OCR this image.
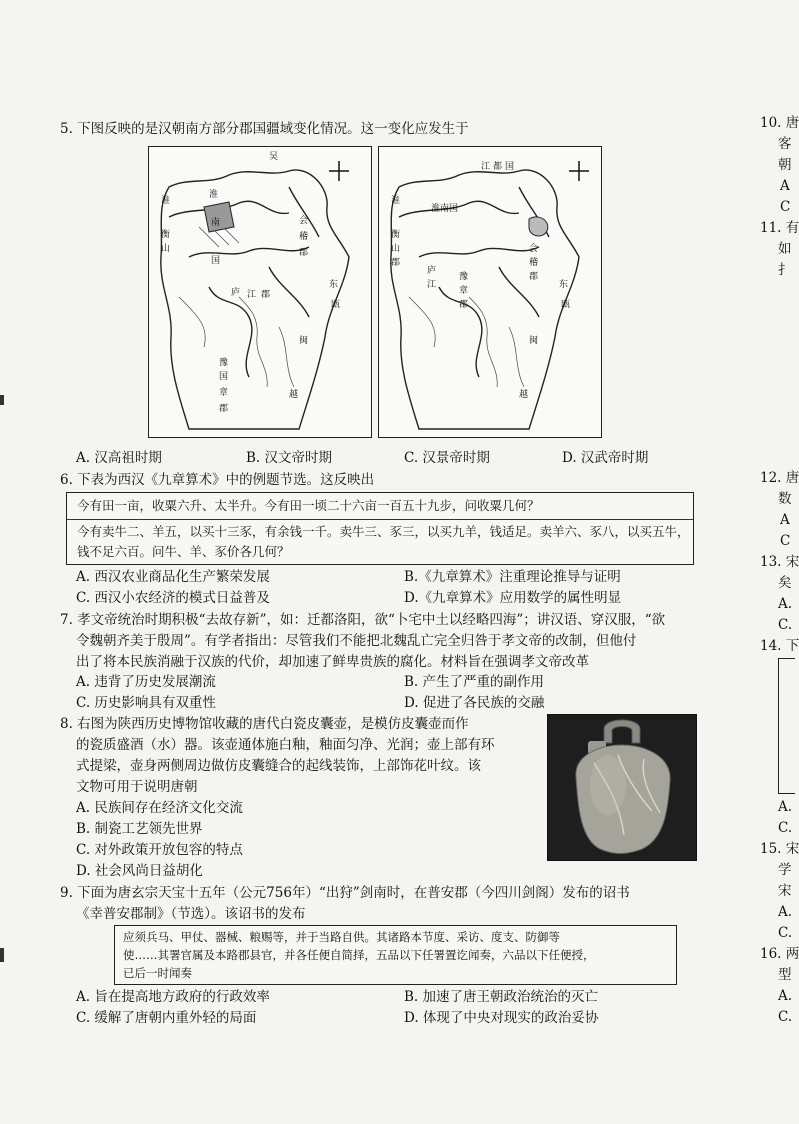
5. 下图反映的是汉朝南方部分郡国疆域变化情况。这一变化应发生于
吴
淮
淮
衡
山
南
国
庐 江 郡
豫
国
章
郡
会
稽
郡
东
瓯
闽
越
江 都 国
淮
淮南国
衡
山
郡
庐
江
豫
章
郡
会
稽
郡
东
瓯
闽
越
A. 汉高祖时期	B. 汉文帝时期	C. 汉景帝时期	D. 汉武帝时期
6. 下表为西汉《九章算术》中的例题节选。这反映出
今有田一亩，收粟六升、太半升。今有田一顷二十六亩一百五十九步，问收粟几何？
今有卖牛二、羊五，以买十三豕，有余钱一千。卖牛三、豕三，以买九羊，钱适足。卖羊六、豕八，以买五牛，
钱不足六百。问牛、羊、豕价各几何？
A. 西汉农业商品化生产繁荣发展	B.《九章算术》注重理论推导与证明
C. 西汉小农经济的模式日益普及	D.《九章算术》应用数学的属性明显
7. 孝文帝统治时期积极“去故存新”，如：迁都洛阳，欲“卜宅中土以经略四海”；讲汉语、穿汉服，“欲
令魏朝齐美于殷周”。有学者指出：尽管我们不能把北魏乱亡完全归咎于孝文帝的改制，但他付
出了将本民族消融于汉族的代价，却加速了鲜卑贵族的腐化。材料旨在强调孝文帝改革
A. 违背了历史发展潮流	B. 产生了严重的副作用
C. 历史影响具有双重性	D. 促进了各民族的交融
8. 右图为陕西历史博物馆收藏的唐代白瓷皮囊壶，是模仿皮囊壶而作
的瓷质盛酒（水）器。该壶通体施白釉，釉面匀净、光润；壶上部有环
式提梁，壶身两侧周边做仿皮囊缝合的起线装饰，上部饰花叶纹。该
文物可用于说明唐朝
A. 民族间存在经济文化交流
B. 制瓷工艺领先世界
C. 对外政策开放包容的特点
D. 社会风尚日益胡化
9. 下面为唐玄宗天宝十五年（公元756年）“出狩”剑南时，在普安郡（今四川剑阁）发布的诏书
《幸普安郡制》（节选）。该诏书的发布
应须兵马、甲仗、器械、粮赐等，并于当路自供。其诸路本节度、采访、度支、防御等
使……其署官属及本路郡县官，并各任便自简择，五品以下任署置讫闻奏，六品以下任便授，
已后一时闻奏
A. 旨在提高地方政府的行政效率	B. 加速了唐王朝政治统治的灭亡
C. 缓解了唐朝内重外轻的局面	D. 体现了中央对现实的政治妥协
10. 唐
客
朝
A
C
11. 有
如
扌
12. 唐
数
A
C
13. 宋
矣
A.
C.
14. 下
A.
C.
15. 宋
学
宋
A.
C.
16. 两
型
A.
C.
